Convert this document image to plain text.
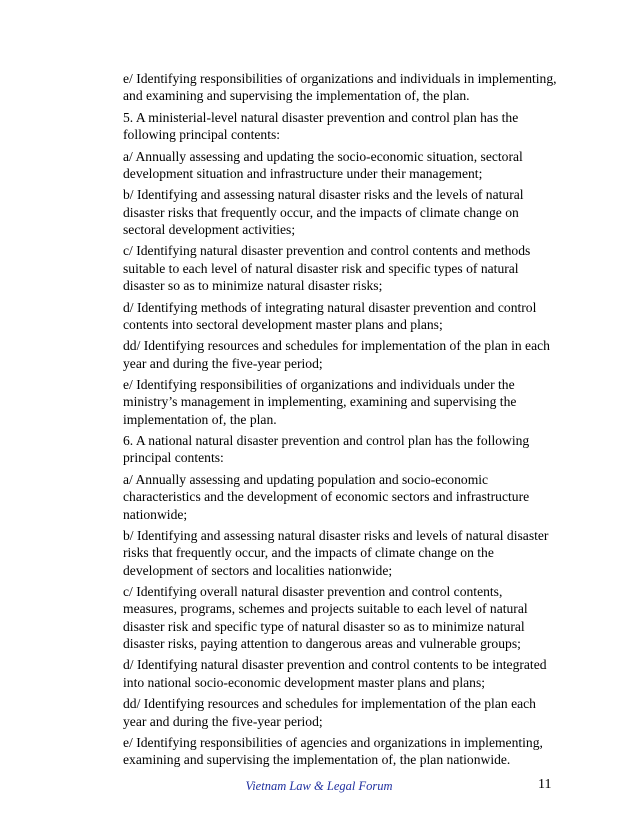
e/ Identifying responsibilities of organizations and individuals in implementing, and examining and supervising the implementation of, the plan.

5. A ministerial-level natural disaster prevention and control plan has the following principal contents:

a/ Annually assessing and updating the socio-economic situation, sectoral development situation and infrastructure under their management;

b/ Identifying and assessing natural disaster risks and the levels of natural disaster risks that frequently occur, and the impacts of climate change on sectoral development activities;

c/ Identifying natural disaster prevention and control contents and methods suitable to each level of natural disaster risk and specific types of natural disaster so as to minimize natural disaster risks;

d/ Identifying methods of integrating natural disaster prevention and control contents into sectoral development master plans and plans;

dd/ Identifying resources and schedules for implementation of the plan in each year and during the five-year period;

e/ Identifying responsibilities of organizations and individuals under the ministry’s management in implementing, examining and supervising the implementation of, the plan.

6. A national natural disaster prevention and control plan has the following principal contents:

a/ Annually assessing and updating population and socio-economic characteristics and the development of economic sectors and infrastructure nationwide;

b/ Identifying and assessing natural disaster risks and levels of natural disaster risks that frequently occur, and the impacts of climate change on the development of sectors and localities nationwide;

c/ Identifying overall natural disaster prevention and control contents, measures, programs, schemes and projects suitable to each level of natural disaster risk and specific type of natural disaster so as to minimize natural disaster risks, paying attention to dangerous areas and vulnerable groups;

d/ Identifying natural disaster prevention and control contents to be integrated into national socio-economic development master plans and plans;

dd/ Identifying resources and schedules for implementation of the plan each year and during the five-year period;

e/ Identifying responsibilities of agencies and organizations in implementing, examining and supervising the implementation of, the plan nationwide.

Vietnam Law & Legal Forum	11
